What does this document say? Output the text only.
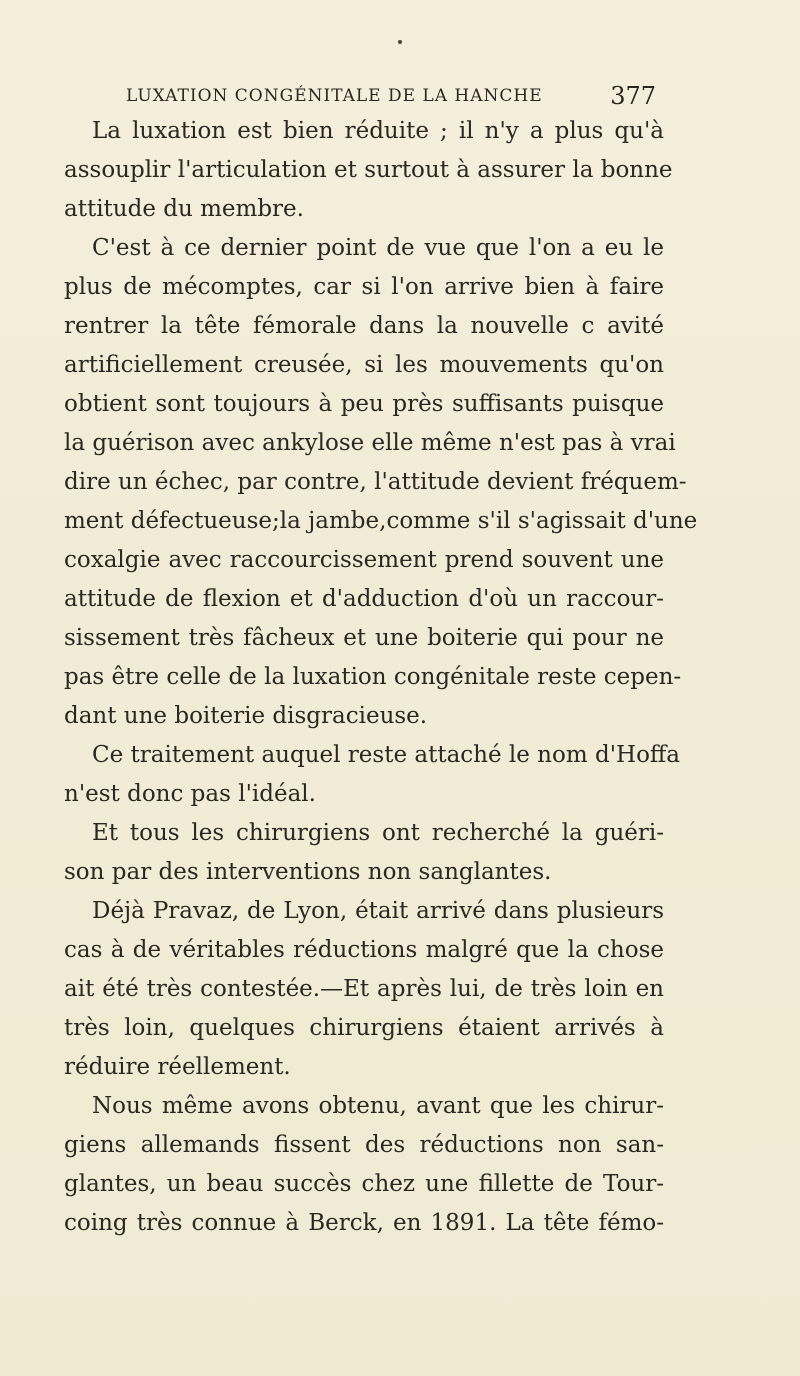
LUXATION CONGÉNITALE DE LA HANCHE	377
La luxation est bien réduite ; il n'y a plus qu'à
assouplir l'articulation et surtout à assurer la bonne
attitude du membre.
C'est à ce dernier point de vue que l'on a eu le
plus de mécomptes, car si l'on arrive bien à faire
rentrer la tête fémorale dans la nouvelle c avité
artificiellement creusée, si les mouvements qu'on
obtient sont toujours à peu près suffisants puisque
la guérison avec ankylose elle même n'est pas à vrai
dire un échec, par contre, l'attitude devient fréquem-
ment défectueuse;la jambe,comme s'il s'agissait d'une
coxalgie avec raccourcissement prend souvent une
attitude de flexion et d'adduction d'où un raccour-
sissement très fâcheux et une boiterie qui pour ne
pas être celle de la luxation congénitale reste cepen-
dant une boiterie disgracieuse.
Ce traitement auquel reste attaché le nom d'Hoffa
n'est donc pas l'idéal.
Et tous les chirurgiens ont recherché la guéri-
son par des interventions non sanglantes.
Déjà Pravaz, de Lyon, était arrivé dans plusieurs
cas à de véritables réductions malgré que la chose
ait été très contestée.—Et après lui, de très loin en
très loin, quelques chirurgiens étaient arrivés à
réduire réellement.
Nous même avons obtenu, avant que les chirur-
giens allemands fissent des réductions non san-
glantes, un beau succès chez une fillette de Tour-
coing très connue à Berck, en 1891. La tête fémo-
